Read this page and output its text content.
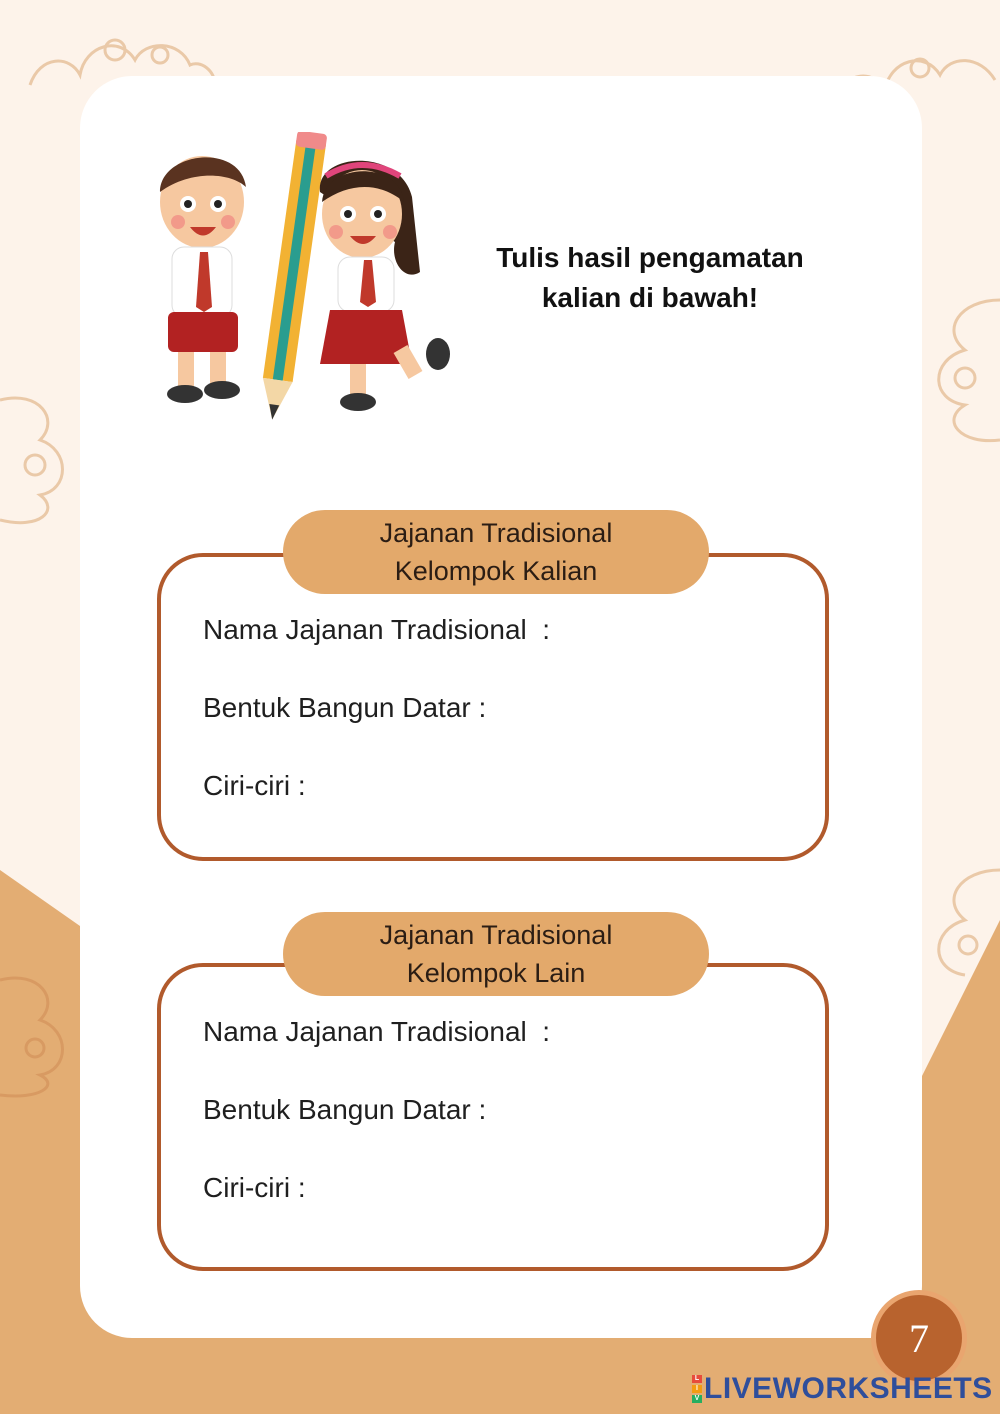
Tulis hasil pengamatan
kalian di bawah!
Jajanan Tradisional
Kelompok Kalian
Nama Jajanan Tradisional  :
Bentuk Bangun Datar :
Ciri-ciri :
Jajanan Tradisional
Kelompok Lain
Nama Jajanan Tradisional  :
Bentuk Bangun Datar :
Ciri-ciri :
7
L
I
V LIVEWORKSHEETS
